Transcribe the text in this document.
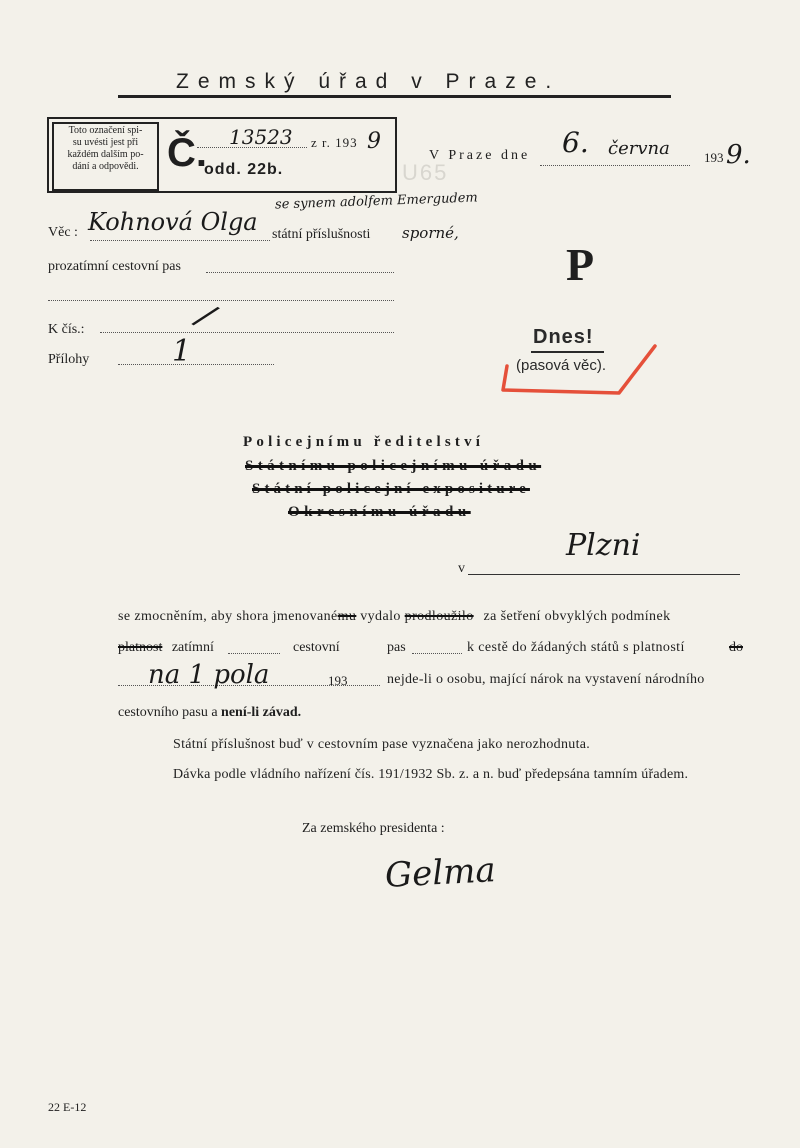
Zemský úřad v Praze.
Toto označení spi-
su uvésti jest při
každém dalším po-
dání a odpovědi. Č. 13523 z r. 193 9
odd. 22b.
V Praze dne 6. června	193 9.
U65
Věc : Kohnová Olga
se synem adolfem Emergudem
státní příslušnosti sporné,
prozatímní cestovní pas	P
K čís.:	/
Přílohy	1	Dnes!
(pasová věc).
Policejnímu ředitelství
Státnímu policejnímu úřadu
Státní policejní expositure
Okresnímu úřadu
v
Plzni
se zmocněním, aby shora jmenovanému vydalo prodloužilo za šetření obvyklých podmínek
platnost zatímní	cestovní	pas	k cestě do žádaných států s platností	do
na 1 pola	193	nejde-li o osobu, mající nárok na vystavení národního
cestovního pasu a není-li závad.
Státní příslušnost buď v cestovním pase vyznačena jako nerozhodnuta.
Dávka podle vládního nařízení čís. 191/1932 Sb. z. a n. buď předepsána tamním úřadem.
Za zemského presidenta :
Gelma
22 E-12
